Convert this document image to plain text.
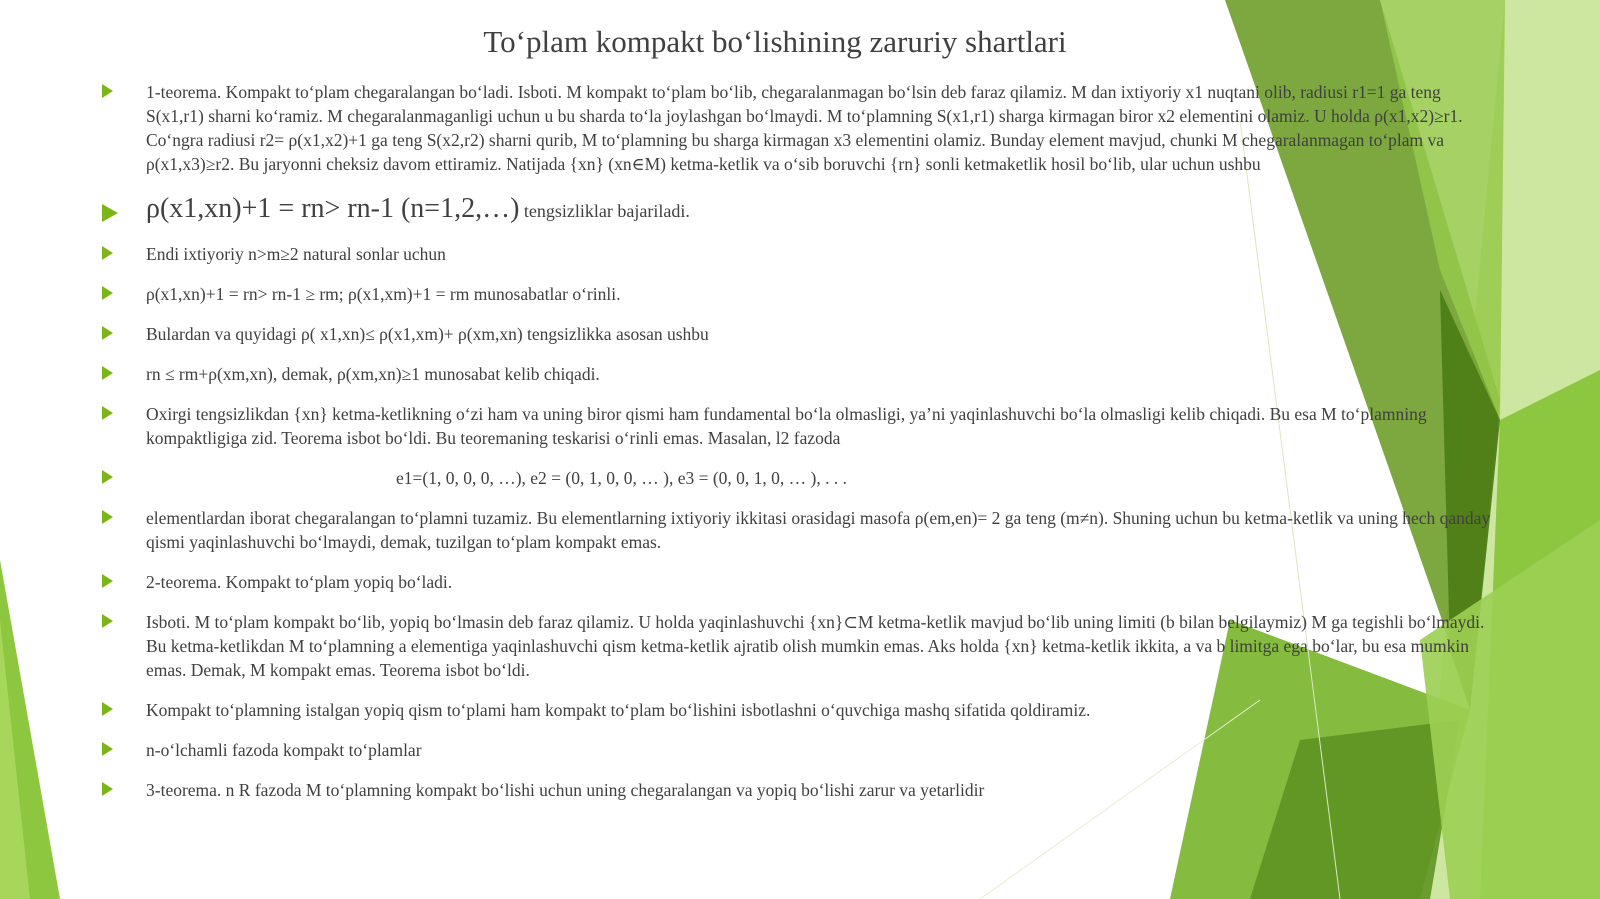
To‘plam kompakt bo‘lishining zaruriy shartlari
1-teorema. Kompakt to‘plam chegaralangan bo‘ladi. Isboti. M kompakt to‘plam bo‘lib, chegaralanmagan bo‘lsin deb faraz qilamiz. M dan ixtiyoriy x1 nuqtani olib, radiusi r1=1 ga teng S(x1,r1) sharni ko‘ramiz. M chegaralanmaganligi uchun u bu sharda to‘la joylashgan bo‘lmaydi. M to‘plamning S(x1,r1) sharga kirmagan biror x2 elementini olamiz. U holda ρ(x1,x2)≥r1. Co‘ngra radiusi r2= ρ(x1,x2)+1 ga teng S(x2,r2) sharni qurib, M to‘plamning bu sharga kirmagan x3 elementini olamiz. Bunday element mavjud, chunki M chegaralanmagan to‘plam va ρ(x1,x3)≥r2. Bu jaryonni cheksiz davom ettiramiz. Natijada {xn} (xn∈M) ketma-ketlik va o‘sib boruvchi {rn} sonli ketmaketlik hosil bo‘lib, ular uchun ushbu
ρ(x1,xn)+1 = rn> rn-1 (n=1,2,…) tengsizliklar bajariladi.
Endi ixtiyoriy n>m≥2 natural sonlar uchun
ρ(x1,xn)+1 = rn> rn-1 ≥ rm; ρ(x1,xm)+1 = rm munosabatlar o‘rinli.
Bulardan va quyidagi ρ( x1,xn)≤ ρ(x1,xm)+ ρ(xm,xn) tengsizlikka asosan ushbu
rn ≤ rm+ρ(xm,xn), demak, ρ(xm,xn)≥1 munosabat kelib chiqadi.
Oxirgi tengsizlikdan {xn} ketma-ketlikning o‘zi ham va uning biror qismi ham fundamental bo‘la olmasligi, ya’ni yaqinlashuvchi bo‘la olmasligi kelib chiqadi. Bu esa M to‘plamning kompaktligiga zid. Teorema isbot bo‘ldi. Bu teoremaning teskarisi o‘rinli emas. Masalan, l2 fazoda
e1=(1, 0, 0, 0, …), e2 = (0, 1, 0, 0, … ), e3 = (0, 0, 1, 0, … ), . . .
elementlardan iborat chegaralangan to‘plamni tuzamiz. Bu elementlarning ixtiyoriy ikkitasi orasidagi masofa ρ(em,en)= 2 ga teng (m≠n). Shuning uchun bu ketma-ketlik va uning hech qanday qismi yaqinlashuvchi bo‘lmaydi, demak, tuzilgan to‘plam kompakt emas.
2-teorema. Kompakt to‘plam yopiq bo‘ladi.
Isboti. M to‘plam kompakt bo‘lib, yopiq bo‘lmasin deb faraz qilamiz. U holda yaqinlashuvchi {xn}⊂M ketma-ketlik mavjud bo‘lib uning limiti (b bilan belgilaymiz) M ga tegishli bo‘lmaydi. Bu ketma-ketlikdan M to‘plamning a elementiga yaqinlashuvchi qism ketma-ketlik ajratib olish mumkin emas. Aks holda {xn} ketma-ketlik ikkita, a va b limitga ega bo‘lar, bu esa mumkin emas. Demak, M kompakt emas. Teorema isbot bo‘ldi.
Kompakt to‘plamning istalgan yopiq qism to‘plami ham kompakt to‘plam bo‘lishini isbotlashni o‘quvchiga mashq sifatida qoldiramiz.
n-o‘lchamli fazoda kompakt to‘plamlar
3-teorema. n R fazoda M to‘plamning kompakt bo‘lishi uchun uning chegaralangan va yopiq bo‘lishi zarur va yetarlidir
